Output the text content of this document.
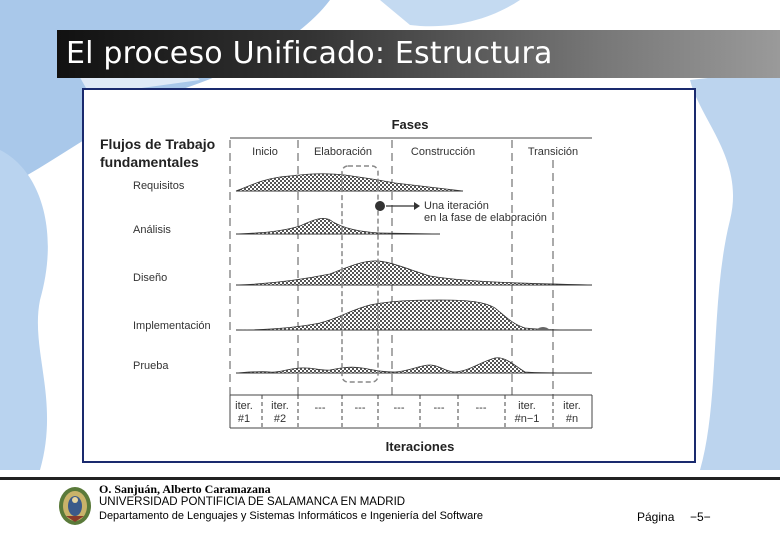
El proceso Unificado: Estructura
Fases
Flujos de Trabajo
fundamentales
Inicio	Elaboración	Construcción	Transición
Requisitos
Análisis
Diseño
Implementación
Prueba
Una iteración
en la fase de elaboración
iter.
#1
iter.
#2
---	---	---	---	---	iter.
#n−1
iter.
#n
Iteraciones
O. Sanjuán, Alberto Caramazana
UNIVERSIDAD PONTIFICIA DE SALAMANCA EN MADRID
Departamento de Lenguajes y Sistemas Informáticos e Ingeniería del Software	Página −5−
